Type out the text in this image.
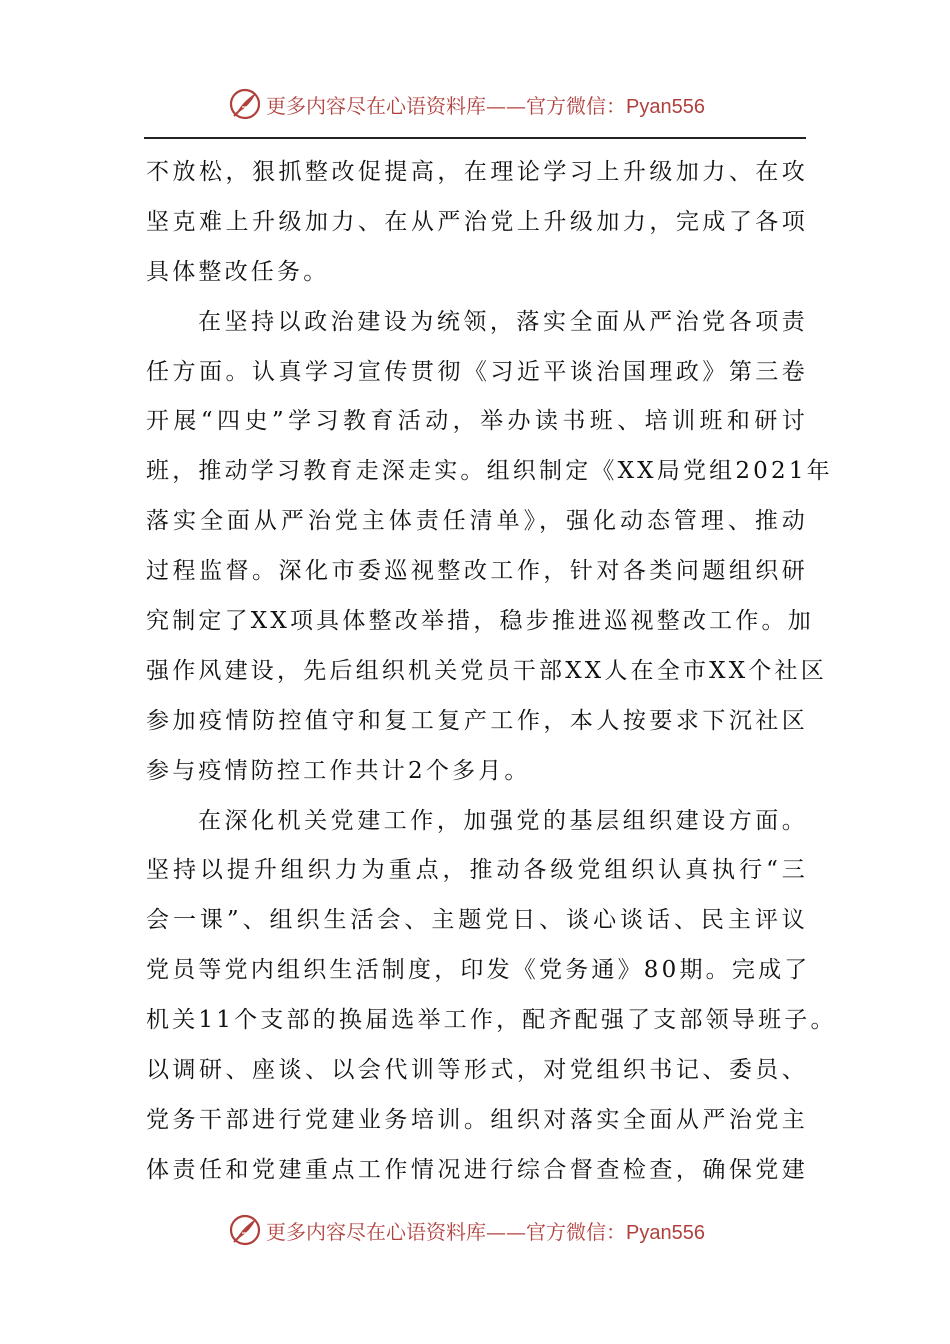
更多内容尽在心语资料库——官方微信：Pyan556
不放松，狠抓整改促提高，在理论学习上升级加力、在攻
坚克难上升级加力、在从严治党上升级加力，完成了各项
具体整改任务。
在坚持以政治建设为统领，落实全面从严治党各项责
任方面。认真学习宣传贯彻《习近平谈治国理政》第三卷
开展“四史”学习教育活动，举办读书班、培训班和研讨
班，推动学习教育走深走实。组织制定《XX局党组2021年
落实全面从严治党主体责任清单》，强化动态管理、推动
过程监督。深化市委巡视整改工作，针对各类问题组织研
究制定了XX项具体整改举措，稳步推进巡视整改工作。加
强作风建设，先后组织机关党员干部XX人在全市XX个社区
参加疫情防控值守和复工复产工作，本人按要求下沉社区
参与疫情防控工作共计2个多月。
在深化机关党建工作，加强党的基层组织建设方面。
坚持以提升组织力为重点，推动各级党组织认真执行“三
会一课”、组织生活会、主题党日、谈心谈话、民主评议
党员等党内组织生活制度，印发《党务通》80期。完成了
机关11个支部的换届选举工作，配齐配强了支部领导班子。
以调研、座谈、以会代训等形式，对党组织书记、委员、
党务干部进行党建业务培训。组织对落实全面从严治党主
体责任和党建重点工作情况进行综合督查检查，确保党建
更多内容尽在心语资料库——官方微信：Pyan556
